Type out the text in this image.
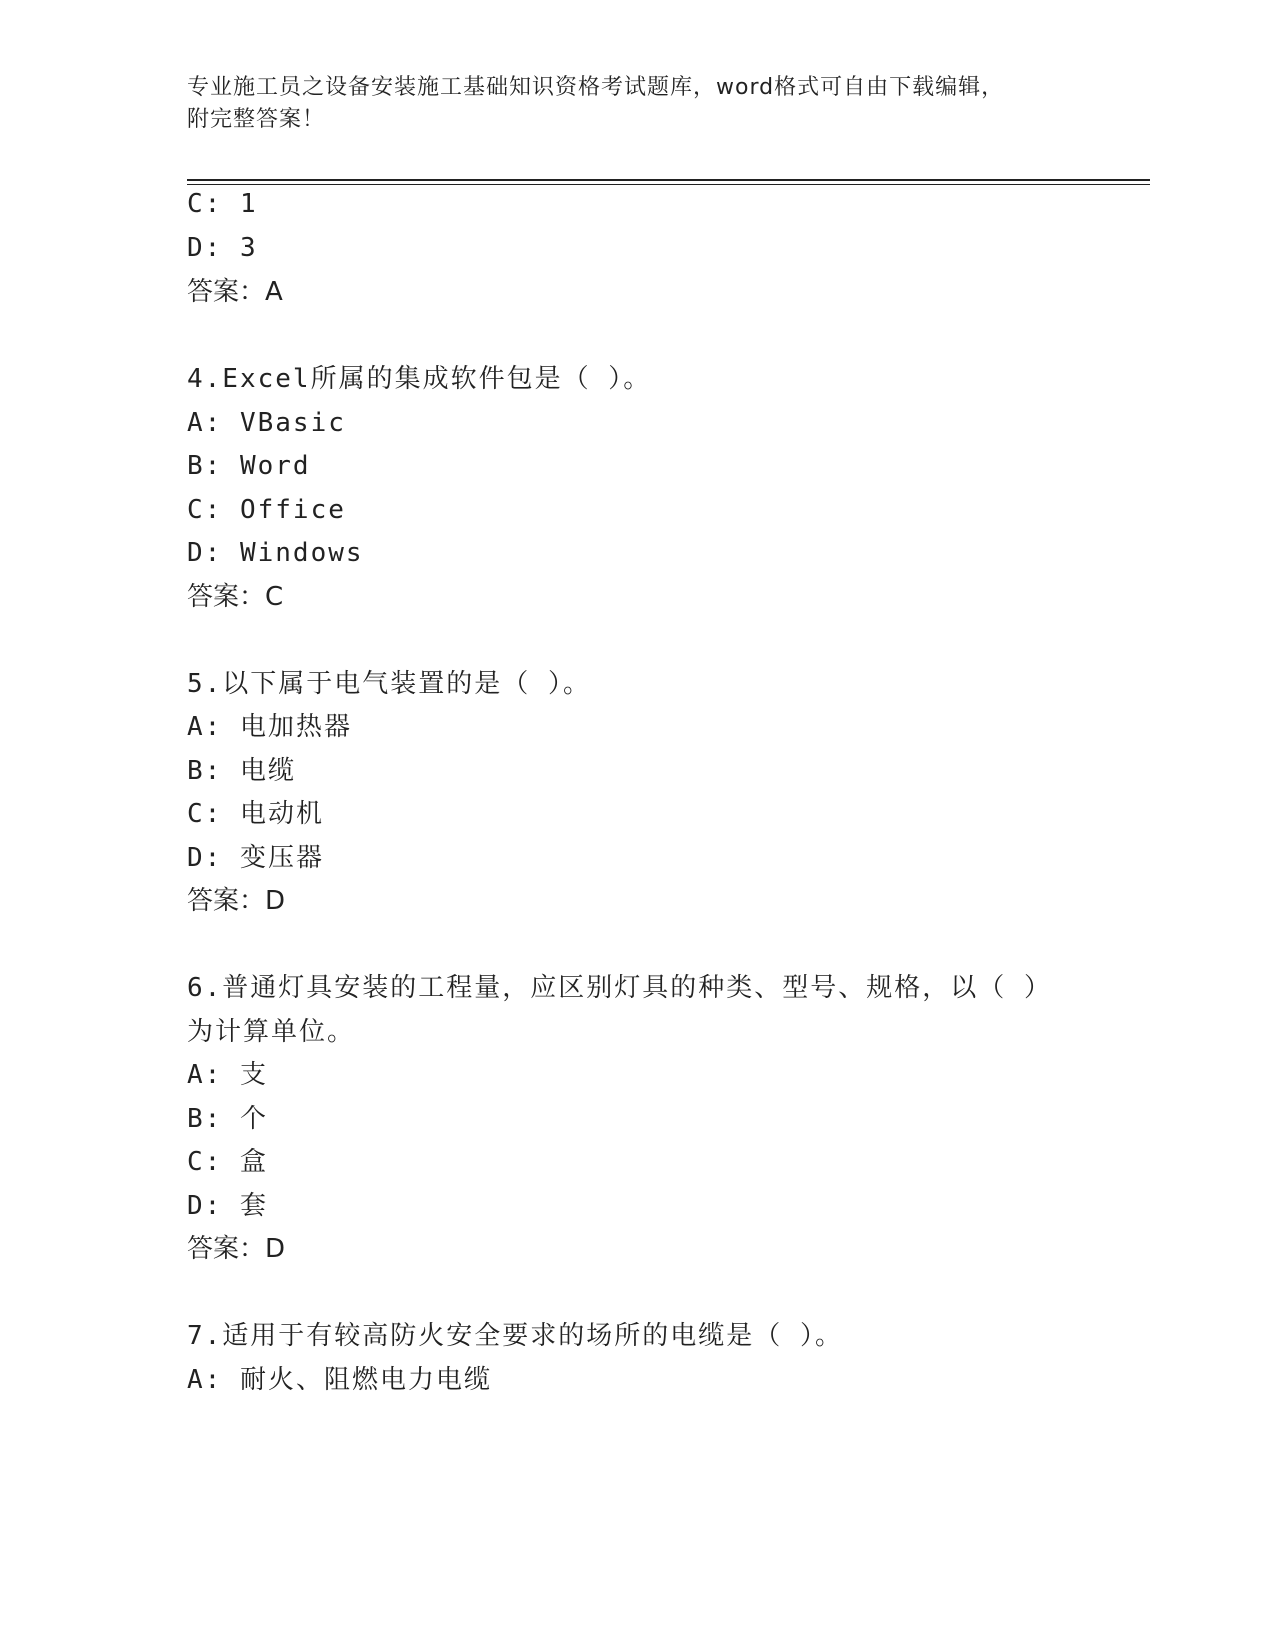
专业施工员之设备安装施工基础知识资格考试题库，word格式可自由下载编辑，
附完整答案！
C: 1
D: 3
答案：A
4.Excel所属的集成软件包是（ ）。
A: VBasic
B: Word
C: Office
D: Windows
答案：C
5.以下属于电气装置的是（ ）。
A: 电加热器
B: 电缆
C: 电动机
D: 变压器
答案：D
6.普通灯具安装的工程量，应区别灯具的种类、型号、规格，以（ ）
为计算单位。
A: 支
B: 个
C: 盒
D: 套
答案：D
7.适用于有较高防火安全要求的场所的电缆是（ ）。
A: 耐火、阻燃电力电缆
